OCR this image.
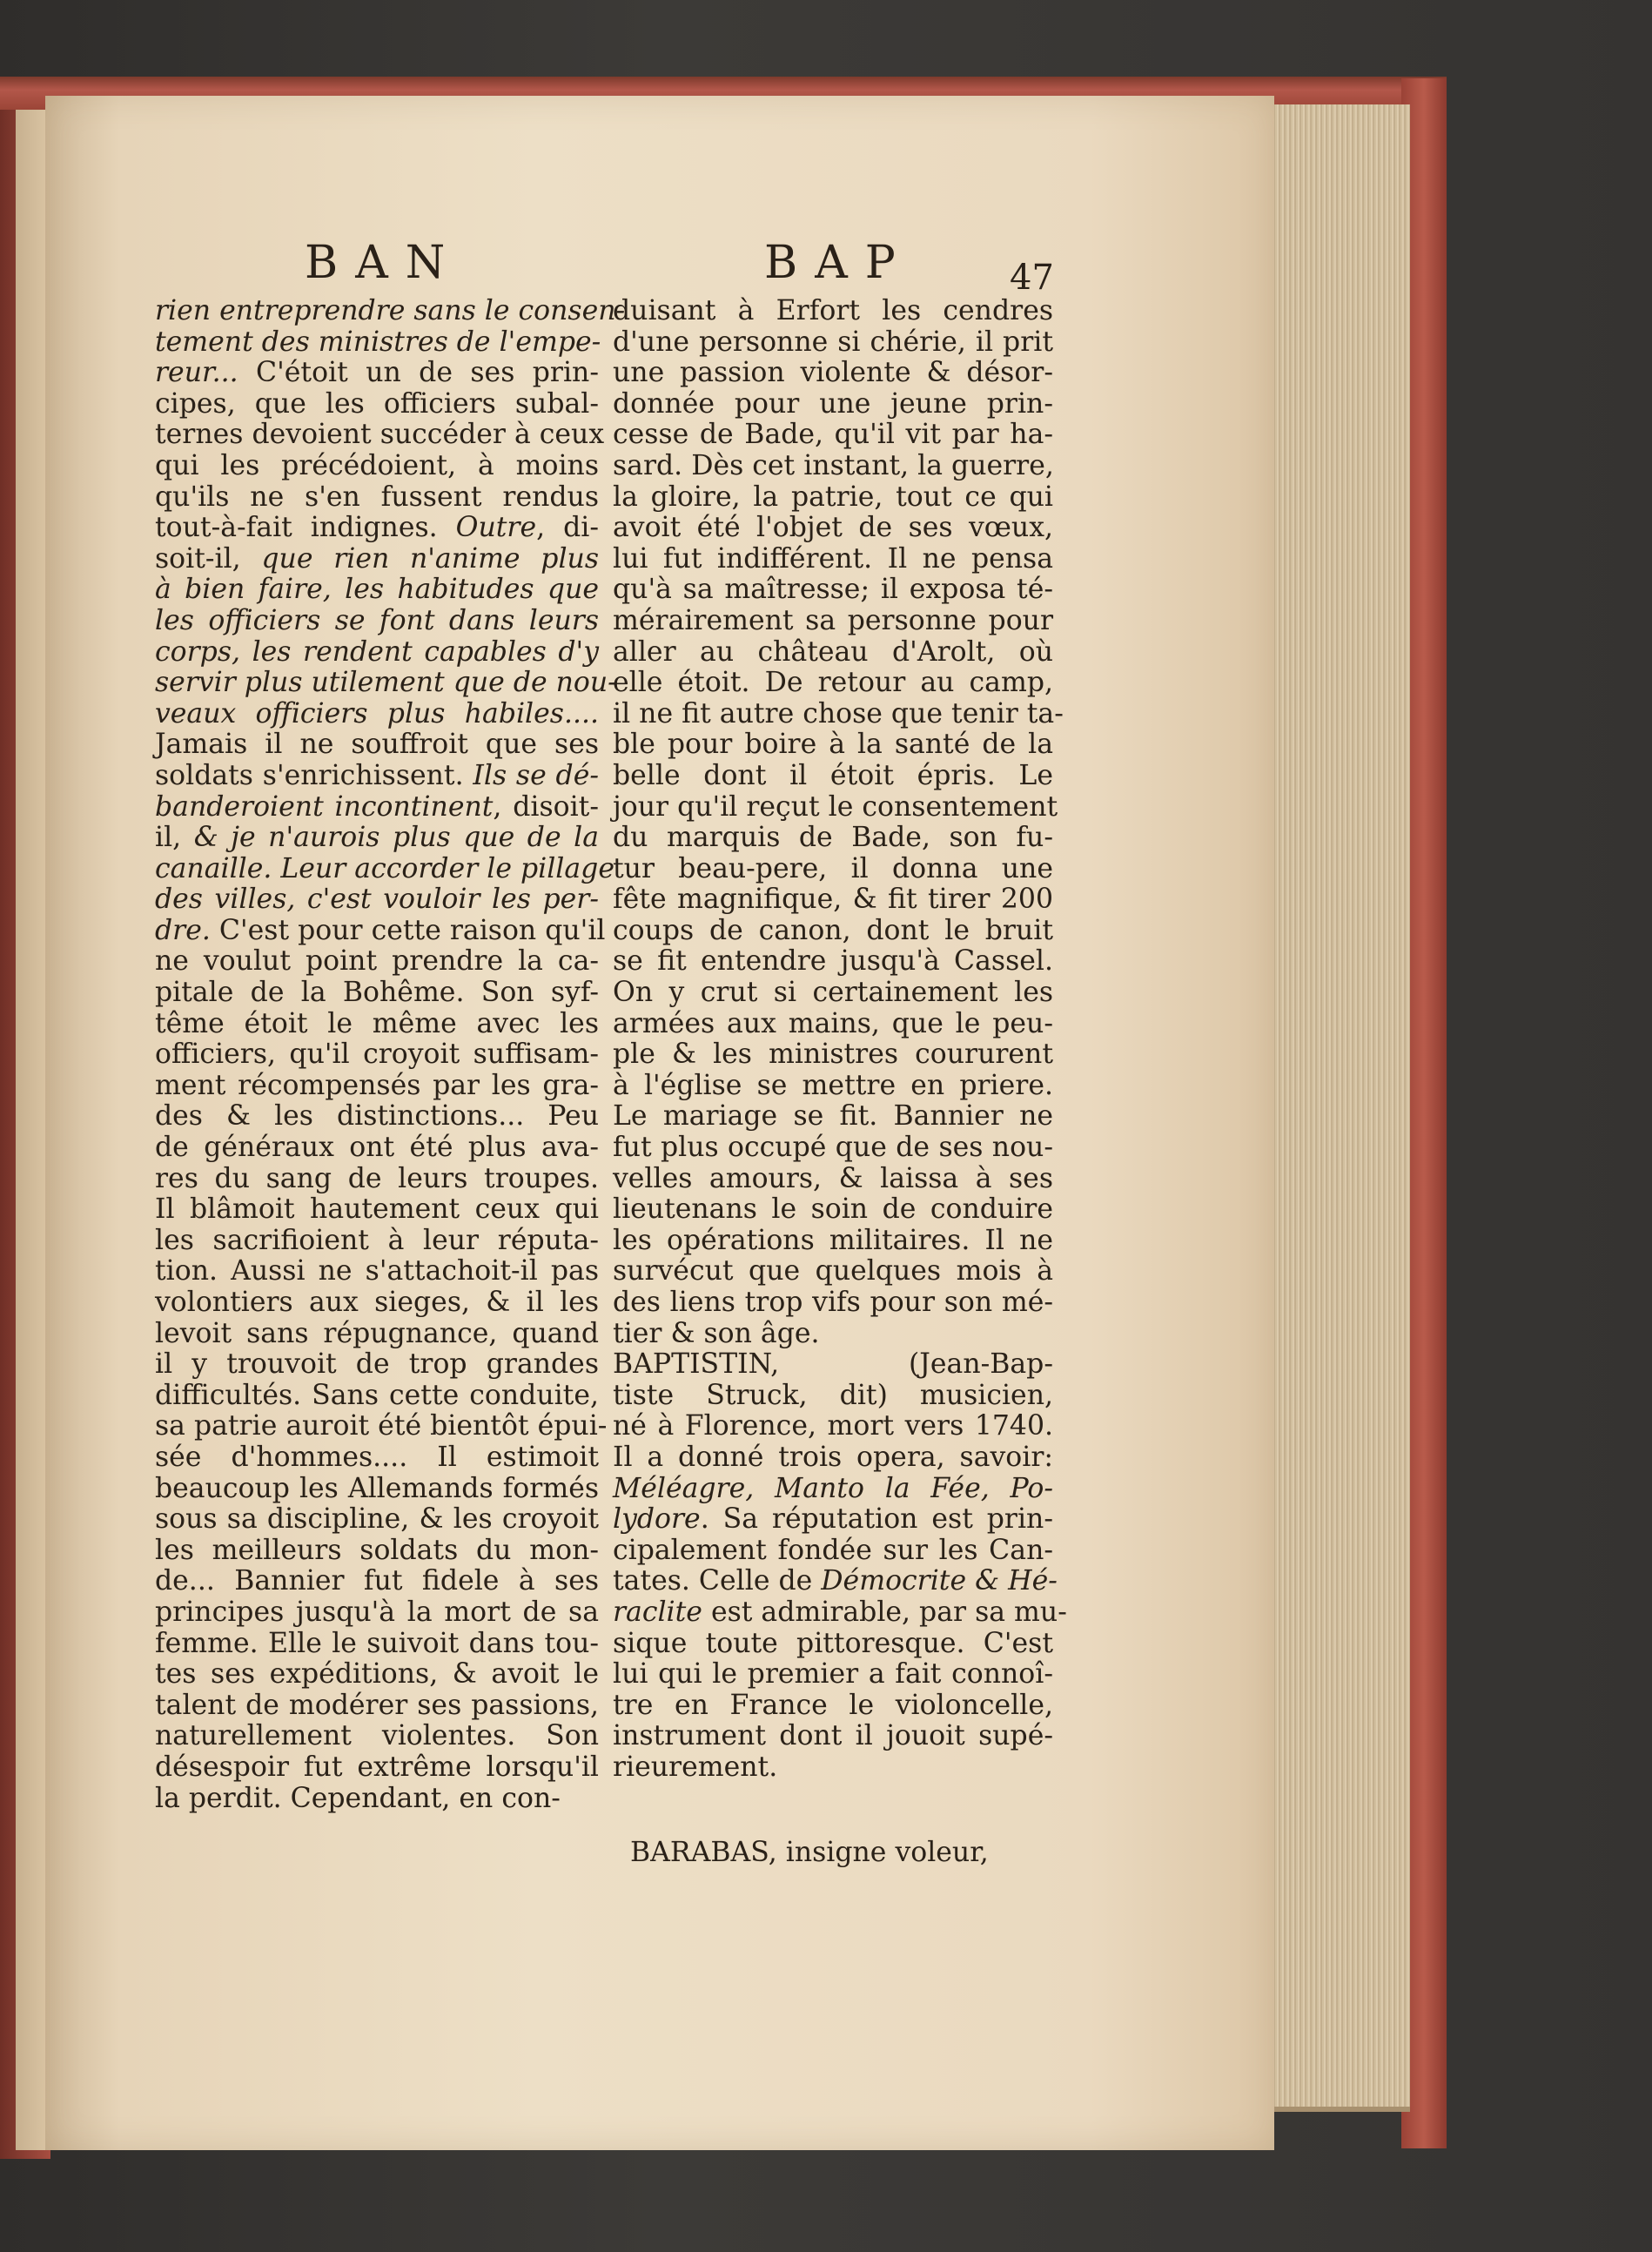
BAN	BAP	47
rien entreprendre sans le consen-
tement des ministres de l'empe-
reur... C'étoit un de ses prin-
cipes, que les officiers subal-
ternes devoient succéder à ceux
qui les précédoient, à moins
qu'ils ne s'en fussent rendus
tout-à-fait indignes. Outre, di-
soit-il, que rien n'anime plus
à bien faire, les habitudes que
les officiers se font dans leurs
corps, les rendent capables d'y
servir plus utilement que de nou-
veaux officiers plus habiles....
Jamais il ne souffroit que ses
soldats s'enrichissent. Ils se dé-
banderoient incontinent, disoit-
il, & je n'aurois plus que de la
canaille. Leur accorder le pillage
des villes, c'est vouloir les per-
dre. C'est pour cette raison qu'il
ne voulut point prendre la ca-
pitale de la Bohême. Son syf-
tême étoit le même avec les
officiers, qu'il croyoit suffisam-
ment récompensés par les gra-
des & les distinctions... Peu
de généraux ont été plus ava-
res du sang de leurs troupes.
Il blâmoit hautement ceux qui
les sacrifioient à leur réputa-
tion. Aussi ne s'attachoit-il pas
volontiers aux sieges, & il les
levoit sans répugnance, quand
il y trouvoit de trop grandes
difficultés. Sans cette conduite,
sa patrie auroit été bientôt épui-
sée d'hommes.... Il estimoit
beaucoup les Allemands formés
sous sa discipline, & les croyoit
les meilleurs soldats du mon-
de... Bannier fut fidele à ses
principes jusqu'à la mort de sa
femme. Elle le suivoit dans tou-
tes ses expéditions, & avoit le
talent de modérer ses passions,
naturellement violentes. Son
désespoir fut extrême lorsqu'il
la perdit. Cependant, en con-
duisant à Erfort les cendres
d'une personne si chérie, il prit
une passion violente & désor-
donnée pour une jeune prin-
cesse de Bade, qu'il vit par ha-
sard. Dès cet instant, la guerre,
la gloire, la patrie, tout ce qui
avoit été l'objet de ses vœux,
lui fut indifférent. Il ne pensa
qu'à sa maîtresse; il exposa té-
mérairement sa personne pour
aller au château d'Arolt, où
elle étoit. De retour au camp,
il ne fit autre chose que tenir ta-
ble pour boire à la santé de la
belle dont il étoit épris. Le
jour qu'il reçut le consentement
du marquis de Bade, son fu-
tur beau-pere, il donna une
fête magnifique, & fit tirer 200
coups de canon, dont le bruit
se fit entendre jusqu'à Cassel.
On y crut si certainement les
armées aux mains, que le peu-
ple & les ministres coururent
à l'église se mettre en priere.
Le mariage se fit. Bannier ne
fut plus occupé que de ses nou-
velles amours, & laissa à ses
lieutenans le soin de conduire
les opérations militaires. Il ne
survécut que quelques mois à
des liens trop vifs pour son mé-
tier & son âge.
BAPTISTIN, (Jean-Bap-
tiste Struck, dit) musicien,
né à Florence, mort vers 1740.
Il a donné trois opera, savoir:
Méléagre, Manto la Fée, Po-
lydore. Sa réputation est prin-
cipalement fondée sur les Can-
tates. Celle de Démocrite & Hé-
raclite est admirable, par sa mu-
sique toute pittoresque. C'est
lui qui le premier a fait connoî-
tre en France le violoncelle,
instrument dont il jouoit supé-
rieurement.
BARABAS, insigne voleur,
